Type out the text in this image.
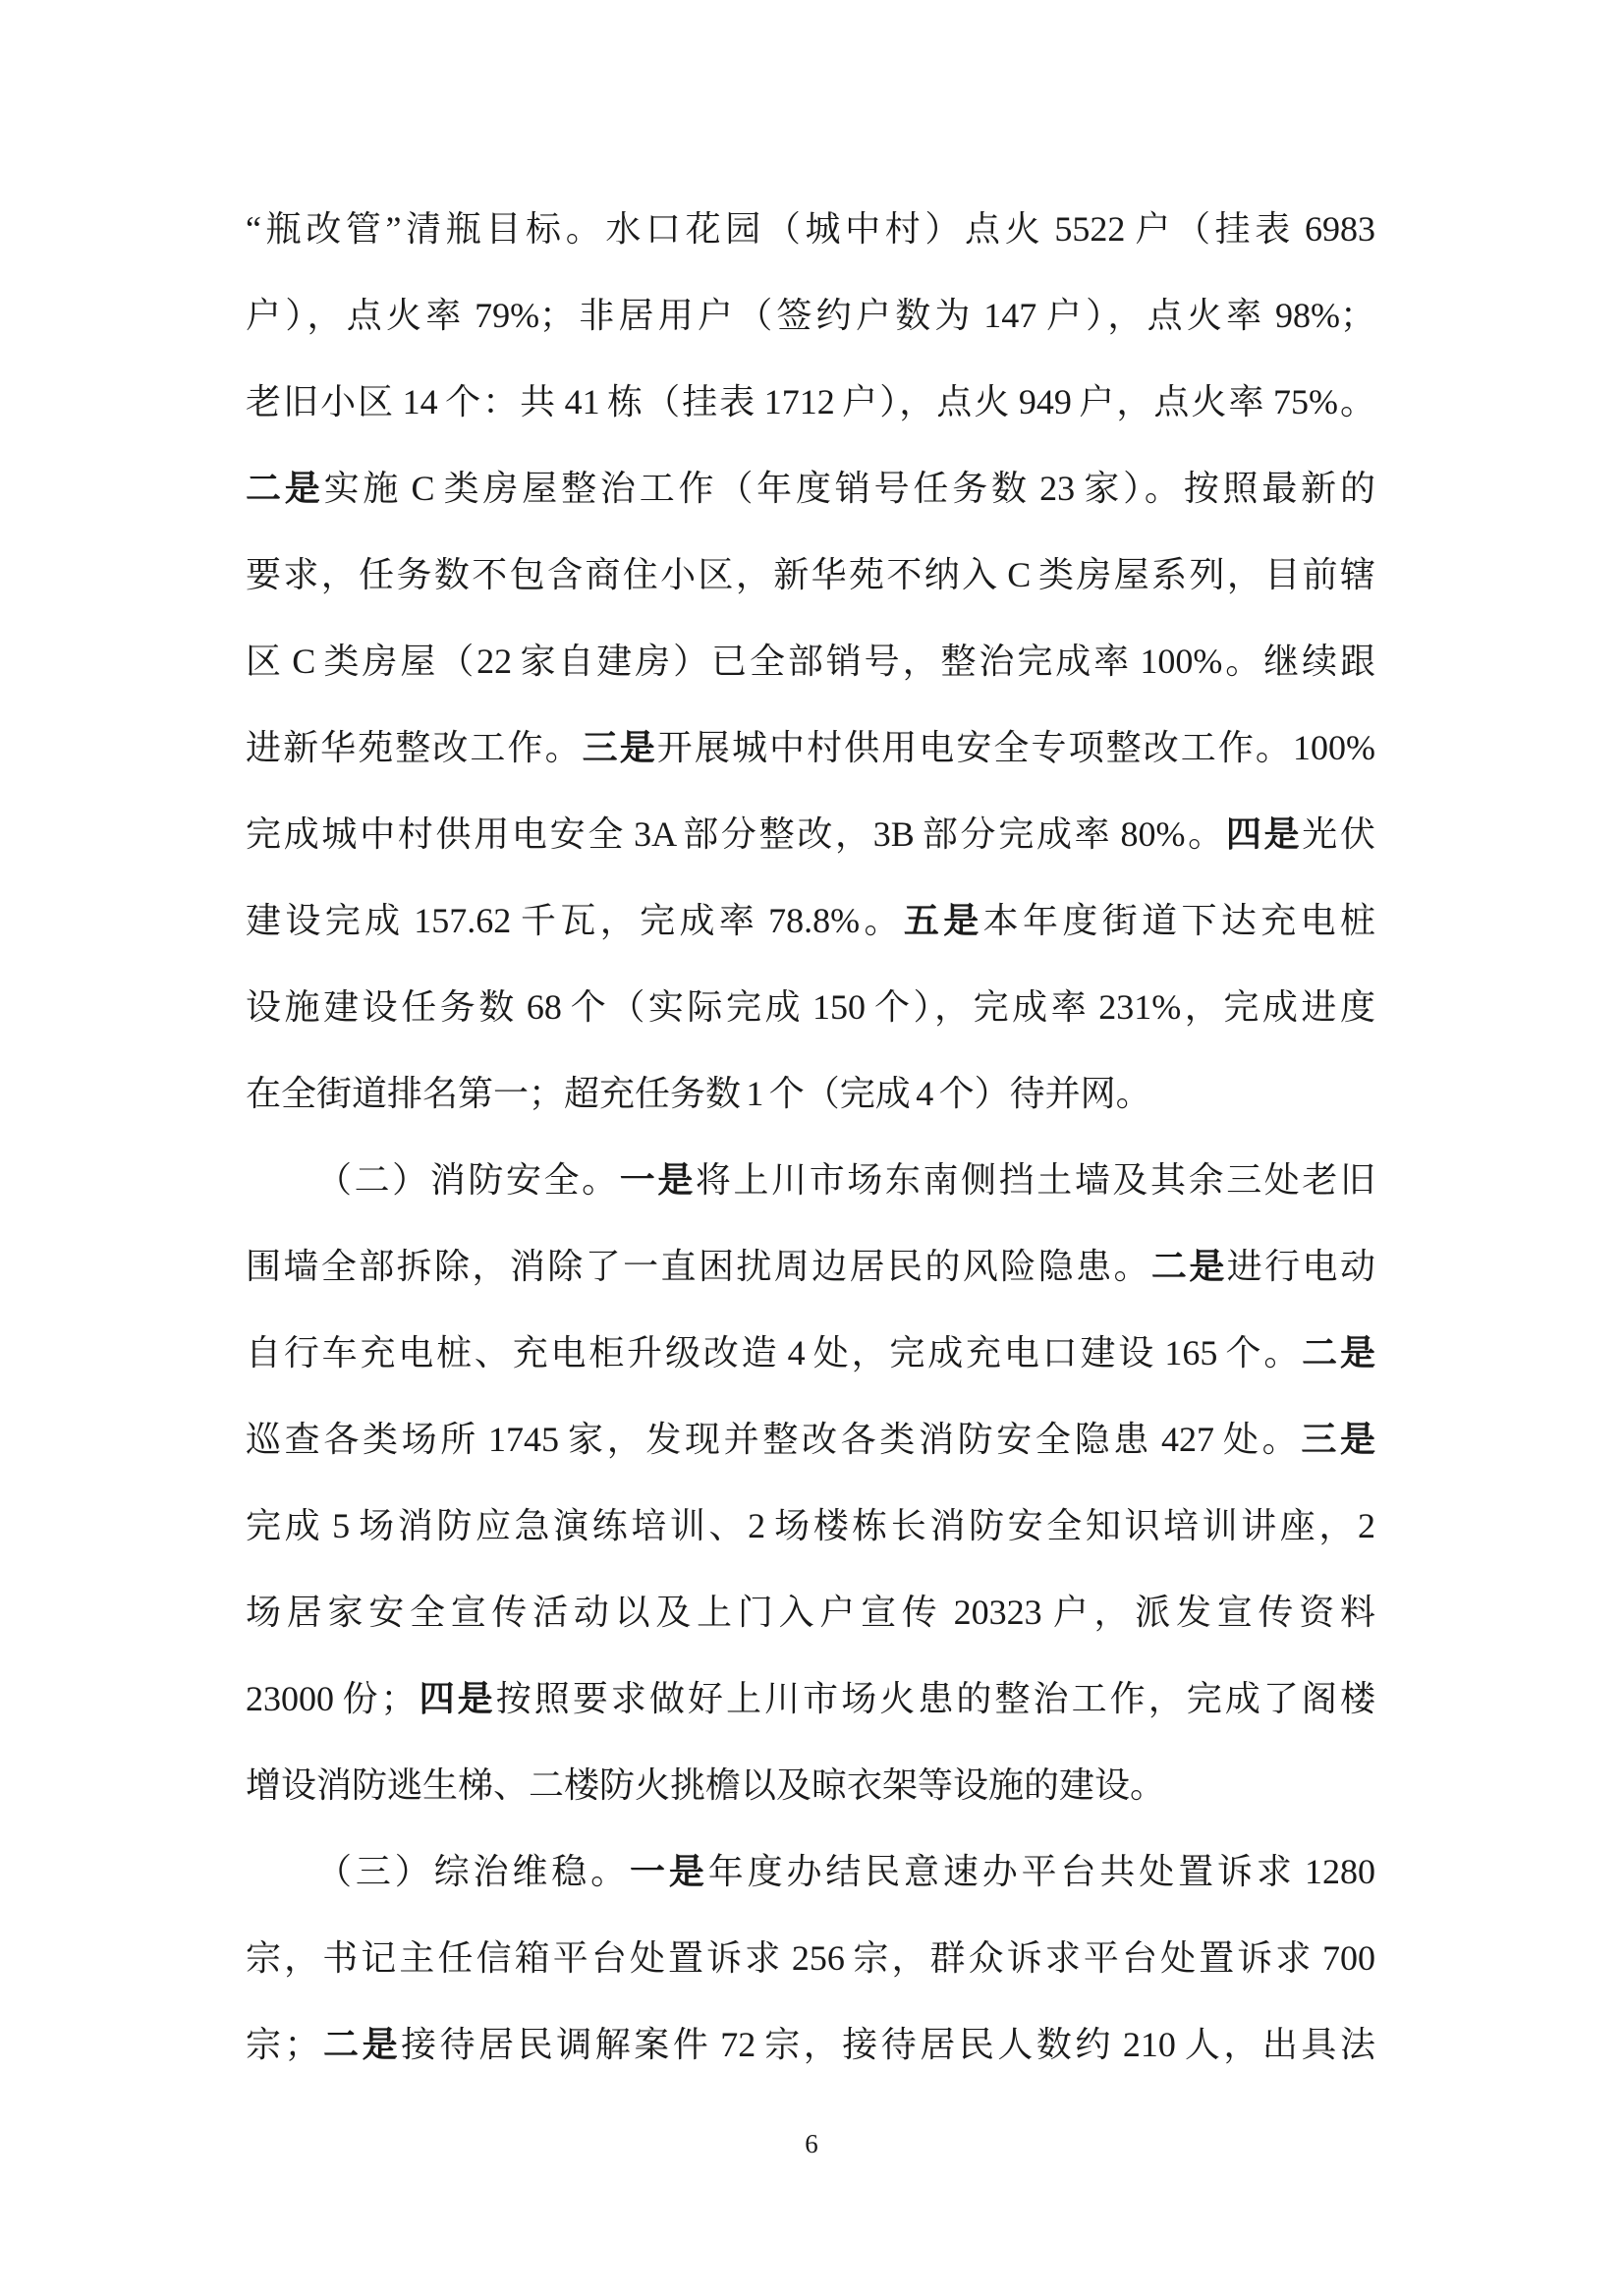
“瓶改管”清瓶目标。水口花园（城中村）点火 5522 户（挂表 6983
户），点火率 79%；非居用户（签约户数为 147 户），点火率 98%；
老旧小区 14 个：共 41 栋（挂表 1712 户），点火 949 户，点火率 75%。
二是实施 C 类房屋整治工作（年度销号任务数 23 家）。按照最新的
要求，任务数不包含商住小区，新华苑不纳入 C 类房屋系列，目前辖
区 C 类房屋（22 家自建房）已全部销号，整治完成率 100%。继续跟
进新华苑整改工作。三是开展城中村供用电安全专项整改工作。100%
完成城中村供用电安全 3A 部分整改，3B 部分完成率 80%。四是光伏
建设完成 157.62 千瓦，完成率 78.8%。五是本年度街道下达充电桩
设施建设任务数 68 个（实际完成 150 个），完成率 231%，完成进度
在全街道排名第一；超充任务数 1 个（完成 4 个）待并网。
（二）消防安全。一是将上川市场东南侧挡土墙及其余三处老旧
围墙全部拆除，消除了一直困扰周边居民的风险隐患。二是进行电动
自行车充电桩、充电柜升级改造 4 处，完成充电口建设 165 个。二是
巡查各类场所 1745 家，发现并整改各类消防安全隐患 427 处。三是
完成 5 场消防应急演练培训、2 场楼栋长消防安全知识培训讲座，2
场居家安全宣传活动以及上门入户宣传 20323 户，派发宣传资料
23000 份；四是按照要求做好上川市场火患的整治工作，完成了阁楼
增设消防逃生梯、二楼防火挑檐以及晾衣架等设施的建设。
（三）综治维稳。一是年度办结民意速办平台共处置诉求 1280
宗，书记主任信箱平台处置诉求 256 宗，群众诉求平台处置诉求 700
宗；二是接待居民调解案件 72 宗，接待居民人数约 210 人，出具法
6
